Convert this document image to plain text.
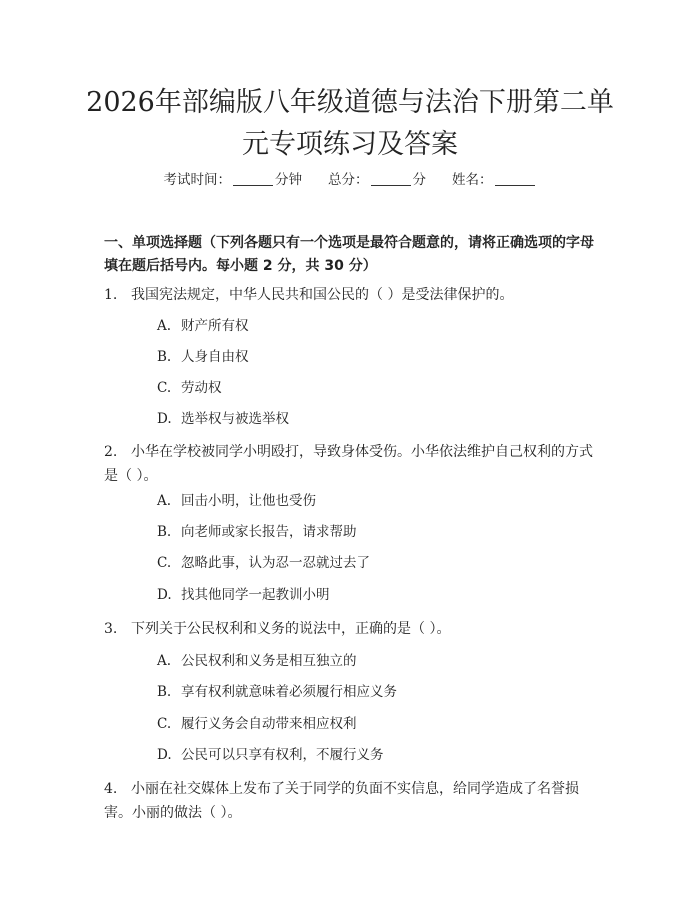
2026年部编版八年级道德与法治下册第二单元专项练习及答案
考试时间：	分钟 总分：	分 姓名：
一、单项选择题（下列各题只有一个选项是最符合题意的，请将正确选项的字母填在题后括号内。每小题 2 分，共 30 分）
1. 我国宪法规定，中华人民共和国公民的（ ）是受法律保护的。
A. 财产所有权
B. 人身自由权
C. 劳动权
D. 选举权与被选举权
2. 小华在学校被同学小明殴打，导致身体受伤。小华依法维护自己权利的方式是（ ）。
A. 回击小明，让他也受伤
B. 向老师或家长报告，请求帮助
C. 忽略此事，认为忍一忍就过去了
D. 找其他同学一起教训小明
3. 下列关于公民权利和义务的说法中，正确的是（ ）。
A. 公民权利和义务是相互独立的
B. 享有权利就意味着必须履行相应义务
C. 履行义务会自动带来相应权利
D. 公民可以只享有权利，不履行义务
4. 小丽在社交媒体上发布了关于同学的负面不实信息，给同学造成了名誉损害。小丽的做法（ ）。
